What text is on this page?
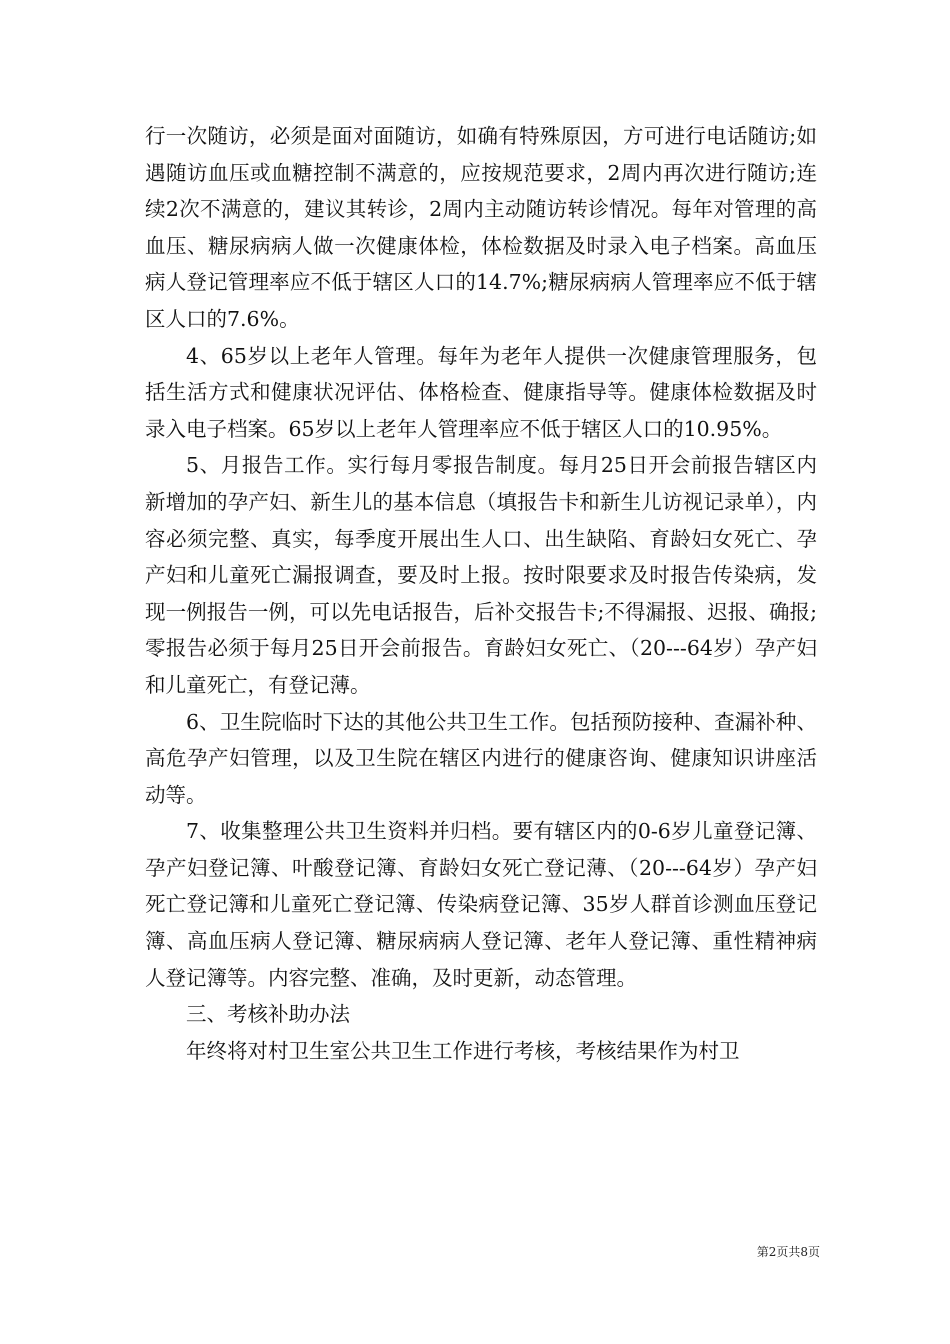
行一次随访，必须是面对面随访，如确有特殊原因，方可进行电话随访;如遇随访血压或血糖控制不满意的，应按规范要求，2周内再次进行随访;连续2次不满意的，建议其转诊，2周内主动随访转诊情况。每年对管理的高血压、糖尿病病人做一次健康体检，体检数据及时录入电子档案。高血压病人登记管理率应不低于辖区人口的14.7%;糖尿病病人管理率应不低于辖区人口的7.6%。

4、65岁以上老年人管理。每年为老年人提供一次健康管理服务，包括生活方式和健康状况评估、体格检查、健康指导等。健康体检数据及时录入电子档案。65岁以上老年人管理率应不低于辖区人口的10.95%。

5、月报告工作。实行每月零报告制度。每月25日开会前报告辖区内新增加的孕产妇、新生儿的基本信息（填报告卡和新生儿访视记录单），内容必须完整、真实，每季度开展出生人口、出生缺陷、育龄妇女死亡、孕产妇和儿童死亡漏报调查，要及时上报。按时限要求及时报告传染病，发现一例报告一例，可以先电话报告，后补交报告卡;不得漏报、迟报、确报;零报告必须于每月25日开会前报告。育龄妇女死亡、（20---64岁）孕产妇和儿童死亡，有登记薄。

6、卫生院临时下达的其他公共卫生工作。包括预防接种、查漏补种、高危孕产妇管理，以及卫生院在辖区内进行的健康咨询、健康知识讲座活动等。

7、收集整理公共卫生资料并归档。要有辖区内的0-6岁儿童登记簿、孕产妇登记簿、叶酸登记簿、育龄妇女死亡登记薄、（20---64岁）孕产妇死亡登记簿和儿童死亡登记簿、传染病登记簿、35岁人群首诊测血压登记簿、高血压病人登记簿、糖尿病病人登记簿、老年人登记簿、重性精神病人登记簿等。内容完整、准确，及时更新，动态管理。

三、考核补助办法

年终将对村卫生室公共卫生工作进行考核，考核结果作为村卫

第2页共8页
